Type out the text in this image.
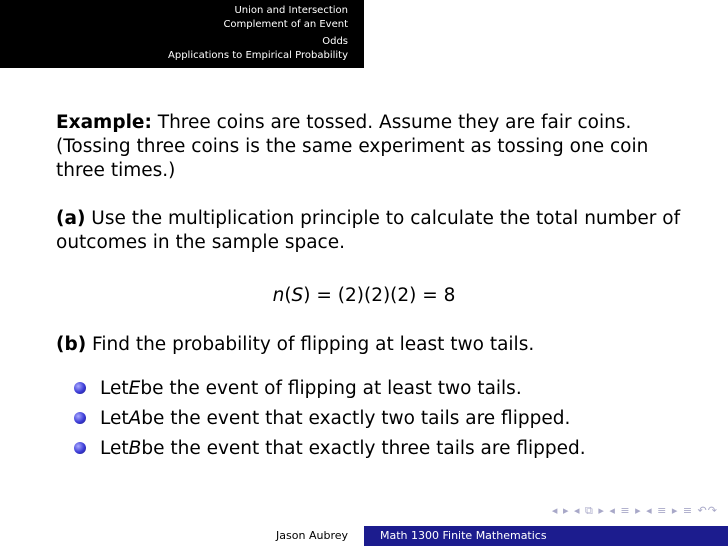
Union and Intersection
Complement of an Event
Odds
Applications to Empirical Probability
Example: Three coins are tossed. Assume they are fair coins. (Tossing three coins is the same experiment as tossing one coin three times.)
(a) Use the multiplication principle to calculate the total number of outcomes in the sample space.
n(S) = (2)(2)(2) = 8
(b) Find the probability of flipping at least two tails.
Let E be the event of flipping at least two tails.
Let A be the event that exactly two tails are flipped.
Let B be the event that exactly three tails are flipped.
◂ ▸ ◂ ⧉ ▸ ◂ ≡ ▸ ◂ ≡ ▸ ≡ ↶↷
Jason Aubrey	Math 1300 Finite Mathematics
